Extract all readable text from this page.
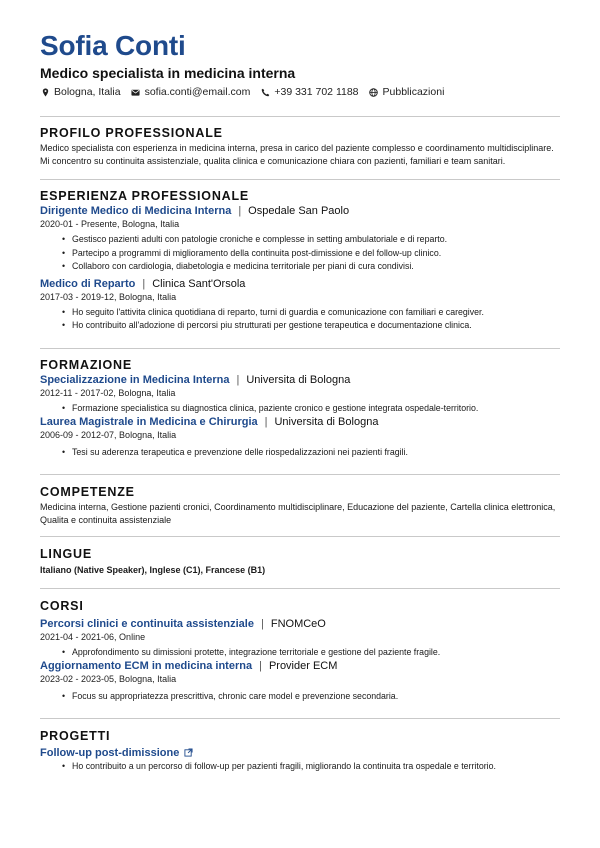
Sofia Conti
Medico specialista in medicina interna
Bologna, Italia sofia.conti@email.com +39 331 702 1188 Pubblicazioni
PROFILO PROFESSIONALE
Medico specialista con esperienza in medicina interna, presa in carico del paziente complesso e coordinamento multidisciplinare.
Mi concentro su continuita assistenziale, qualita clinica e comunicazione chiara con pazienti, familiari e team sanitari.
ESPERIENZA PROFESSIONALE
Dirigente Medico di Medicina Interna | Ospedale San Paolo
2020-01 - Presente, Bologna, Italia
• Gestisco pazienti adulti con patologie croniche e complesse in setting ambulatoriale e di reparto.
• Partecipo a programmi di miglioramento della continuita post-dimissione e del follow-up clinico.
• Collaboro con cardiologia, diabetologia e medicina territoriale per piani di cura condivisi.
Medico di Reparto | Clinica Sant'Orsola
2017-03 - 2019-12, Bologna, Italia
• Ho seguito l'attivita clinica quotidiana di reparto, turni di guardia e comunicazione con familiari e caregiver.
• Ho contribuito all'adozione di percorsi piu strutturati per gestione terapeutica e documentazione clinica.
FORMAZIONE
Specializzazione in Medicina Interna | Universita di Bologna
2012-11 - 2017-02, Bologna, Italia
• Formazione specialistica su diagnostica clinica, paziente cronico e gestione integrata ospedale-territorio.
Laurea Magistrale in Medicina e Chirurgia | Universita di Bologna
2006-09 - 2012-07, Bologna, Italia
• Tesi su aderenza terapeutica e prevenzione delle riospedalizzazioni nei pazienti fragili.
COMPETENZE
Medicina interna, Gestione pazienti cronici, Coordinamento multidisciplinare, Educazione del paziente, Cartella clinica elettronica, Qualita e continuita assistenziale
LINGUE
Italiano (Native Speaker), Inglese (C1), Francese (B1)
CORSI
Percorsi clinici e continuita assistenziale | FNOMCeO
2021-04 - 2021-06, Online
• Approfondimento su dimissioni protette, integrazione territoriale e gestione del paziente fragile.
Aggiornamento ECM in medicina interna | Provider ECM
2023-02 - 2023-05, Bologna, Italia
• Focus su appropriatezza prescrittiva, chronic care model e prevenzione secondaria.
PROGETTI
Follow-up post-dimissione
• Ho contribuito a un percorso di follow-up per pazienti fragili, migliorando la continuita tra ospedale e territorio.
